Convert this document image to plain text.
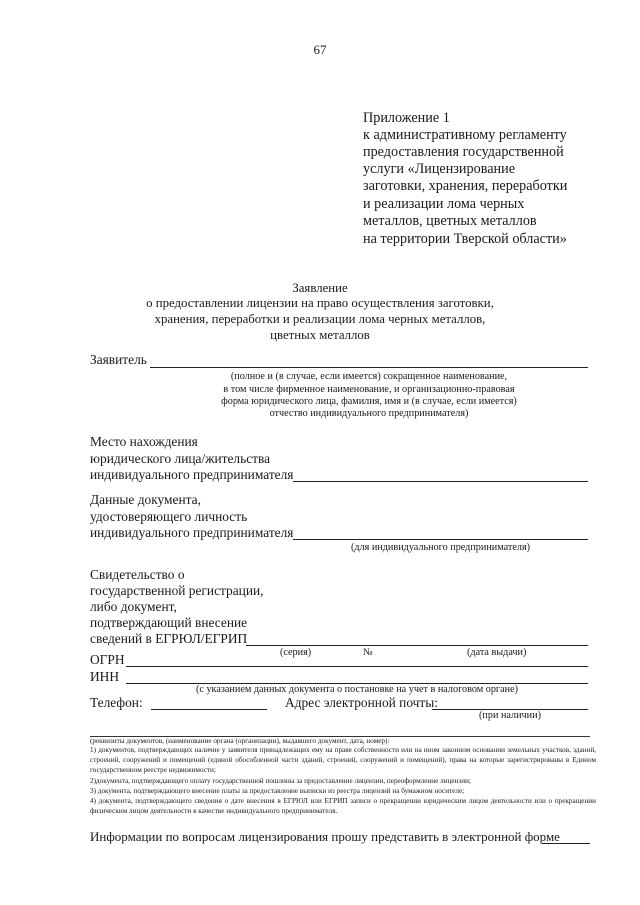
67
Приложение 1
к административному регламенту
предоставления государственной
услуги «Лицензирование
заготовки, хранения, переработки
и реализации лома черных
металлов, цветных металлов
на территории Тверской области»
Заявление
о предоставлении лицензии на право осуществления заготовки,
хранения, переработки и реализации лома черных металлов,
цветных металлов
Заявитель
(полное и (в случае, если имеется) сокращенное наименование,
в том числе фирменное наименование, и организационно-правовая
форма юридического лица, фамилия, имя и (в случае, если имеется)
отчество индивидуального предпринимателя)
Место нахождения
юридического лица/жительства
индивидуального предпринимателя
Данные документа,
удостоверяющего личность
индивидуального предпринимателя
(для индивидуального предпринимателя)
Свидетельство о
государственной регистрации,
либо документ,
подтверждающий внесение
сведений в ЕГРЮЛ/ЕГРИП
(серия)	№	(дата выдачи)
ОГРН
ИНН
(с указанием данных документа о постановке на учет в налоговом органе)
Телефон:	Адрес электронной почты:
(при наличии)
(реквизиты документов, (наименование органа (организации), выдавшего документ, дата, номер):
1) документов, подтверждающих наличие у заявителя принадлежащих ему на праве собственности или на ином законном основании земельных участков, зданий, строений, сооружений и помещений (единой обособленной части зданий, строений, сооружений и помещений), права на которые зарегистрированы в Едином государственном реестре недвижимости;
2)документа, подтверждающего оплату государственной пошлины за предоставление лицензии, переоформление лицензии;
3) документа, подтверждающего внесение платы за предоставление выписки из реестра лицензий на бумажном носителе;
4) документа, подтверждающего сведения о дате внесения в ЕГРЮЛ или ЕГРИП записи о прекращении юридическим лицом деятельности или о прекращении физическим лицом деятельности в качестве индивидуального предпринимателя.
Информации по вопросам лицензирования прошу представить в электронной форме
